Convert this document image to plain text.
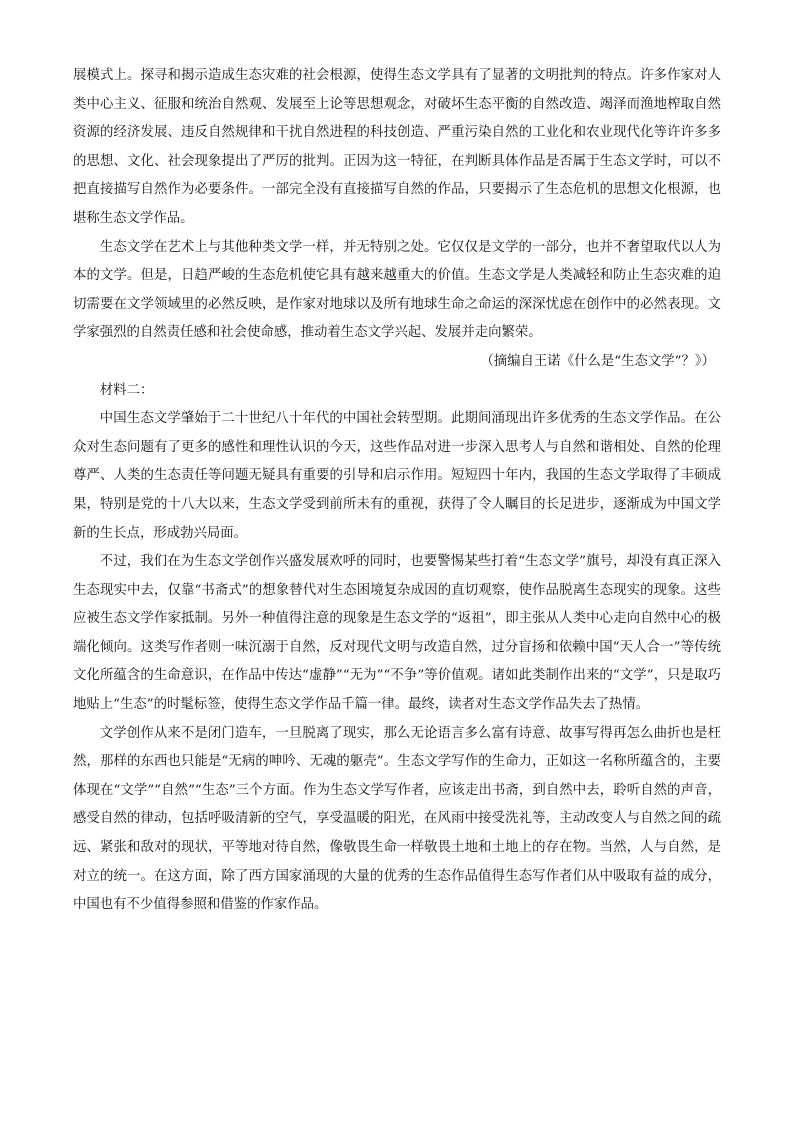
展模式上。探寻和揭示造成生态灾难的社会根源，使得生态文学具有了显著的文明批判的特点。许多作家对人类中心主义、征服和统治自然观、发展至上论等思想观念，对破坏生态平衡的自然改造、竭泽而渔地榨取自然资源的经济发展、违反自然规律和干扰自然进程的科技创造、严重污染自然的工业化和农业现代化等许许多多的思想、文化、社会现象提出了严厉的批判。正因为这一特征，在判断具体作品是否属于生态文学时，可以不把直接描写自然作为必要条件。一部完全没有直接描写自然的作品，只要揭示了生态危机的思想文化根源，也堪称生态文学作品。

生态文学在艺术上与其他种类文学一样，并无特别之处。它仅仅是文学的一部分，也并不奢望取代以人为本的文学。但是，日趋严峻的生态危机使它具有越来越重大的价值。生态文学是人类减轻和防止生态灾难的迫切需要在文学领域里的必然反映，是作家对地球以及所有地球生命之命运的深深忧虑在创作中的必然表现。文学家强烈的自然责任感和社会使命感，推动着生态文学兴起、发展并走向繁荣。

（摘编自王诺《什么是“生态文学”？》）

材料二：

中国生态文学肇始于二十世纪八十年代的中国社会转型期。此期间涌现出许多优秀的生态文学作品。在公众对生态问题有了更多的感性和理性认识的今天，这些作品对进一步深入思考人与自然和谐相处、自然的伦理尊严、人类的生态责任等问题无疑具有重要的引导和启示作用。短短四十年内，我国的生态文学取得了丰硕成果，特别是党的十八大以来，生态文学受到前所未有的重视，获得了令人瞩目的长足进步，逐渐成为中国文学新的生长点，形成勃兴局面。

不过，我们在为生态文学创作兴盛发展欢呼的同时，也要警惕某些打着“生态文学”旗号，却没有真正深入生态现实中去，仅靠“书斋式”的想象替代对生态困境复杂成因的直切观察，使作品脱离生态现实的现象。这些应被生态文学作家抵制。另外一种值得注意的现象是生态文学的“返祖”，即主张从人类中心走向自然中心的极端化倾向。这类写作者则一味沉溺于自然，反对现代文明与改造自然，过分盲扬和依赖中国“天人合一”等传统文化所蕴含的生命意识，在作品中传达“虚静”“无为”“不争”等价值观。诸如此类制作出来的“文学”，只是取巧地贴上“生态”的时髦标签，使得生态文学作品千篇一律。最终，读者对生态文学作品失去了热情。

文学创作从来不是闭门造车，一旦脱离了现实，那么无论语言多么富有诗意、故事写得再怎么曲折也是枉然，那样的东西也只能是“无病的呻吟、无魂的躯壳”。生态文学写作的生命力，正如这一名称所蕴含的，主要体现在“文学”“自然”“生态”三个方面。作为生态文学写作者，应该走出书斋，到自然中去，聆听自然的声音，感受自然的律动，包括呼吸清新的空气，享受温暖的阳光，在风雨中接受洗礼等，主动改变人与自然之间的疏远、紧张和敌对的现状，平等地对待自然，像敬畏生命一样敬畏土地和土地上的存在物。当然，人与自然，是对立的统一。在这方面，除了西方国家涌现的大量的优秀的生态作品值得生态写作者们从中吸取有益的成分，中国也有不少值得参照和借鉴的作家作品。
